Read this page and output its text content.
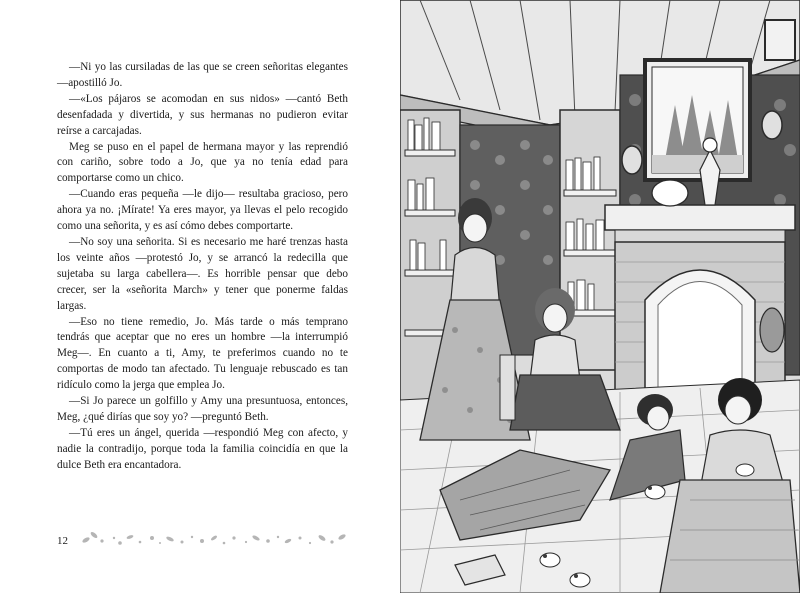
—Ni yo las cursiladas de las que se creen señoritas elegantes —apostilló Jo.

—«Los pájaros se acomodan en sus nidos» —cantó Beth desenfadada y divertida, y sus hermanas no pudieron evitar reírse a carcajadas.

Meg se puso en el papel de hermana mayor y las reprendió con cariño, sobre todo a Jo, que ya no tenía edad para comportarse como un chico.

—Cuando eras pequeña —le dijo— resultaba gracioso, pero ahora ya no. ¡Mírate! Ya eres mayor, ya llevas el pelo recogido como una señorita, y es así cómo debes comportarte.

—No soy una señorita. Si es necesario me haré trenzas hasta los veinte años —protestó Jo, y se arrancó la redecilla que sujetaba su larga cabellera—. Es horrible pensar que debo crecer, ser la «señorita March» y tener que ponerme faldas largas.

—Eso no tiene remedio, Jo. Más tarde o más temprano tendrás que aceptar que no eres un hombre —la interrumpió Meg—. En cuanto a ti, Amy, te preferimos cuando no te comportas de modo tan afectado. Tu lenguaje rebuscado es tan ridículo como la jerga que emplea Jo.

—Si Jo parece un golfillo y Amy una presuntuosa, entonces, Meg, ¿qué dirías que soy yo? —preguntó Beth.

—Tú eres un ángel, querida —respondió Meg con afecto, y nadie la contradijo, porque toda la familia coincidía en que la dulce Beth era encantadora.

12
